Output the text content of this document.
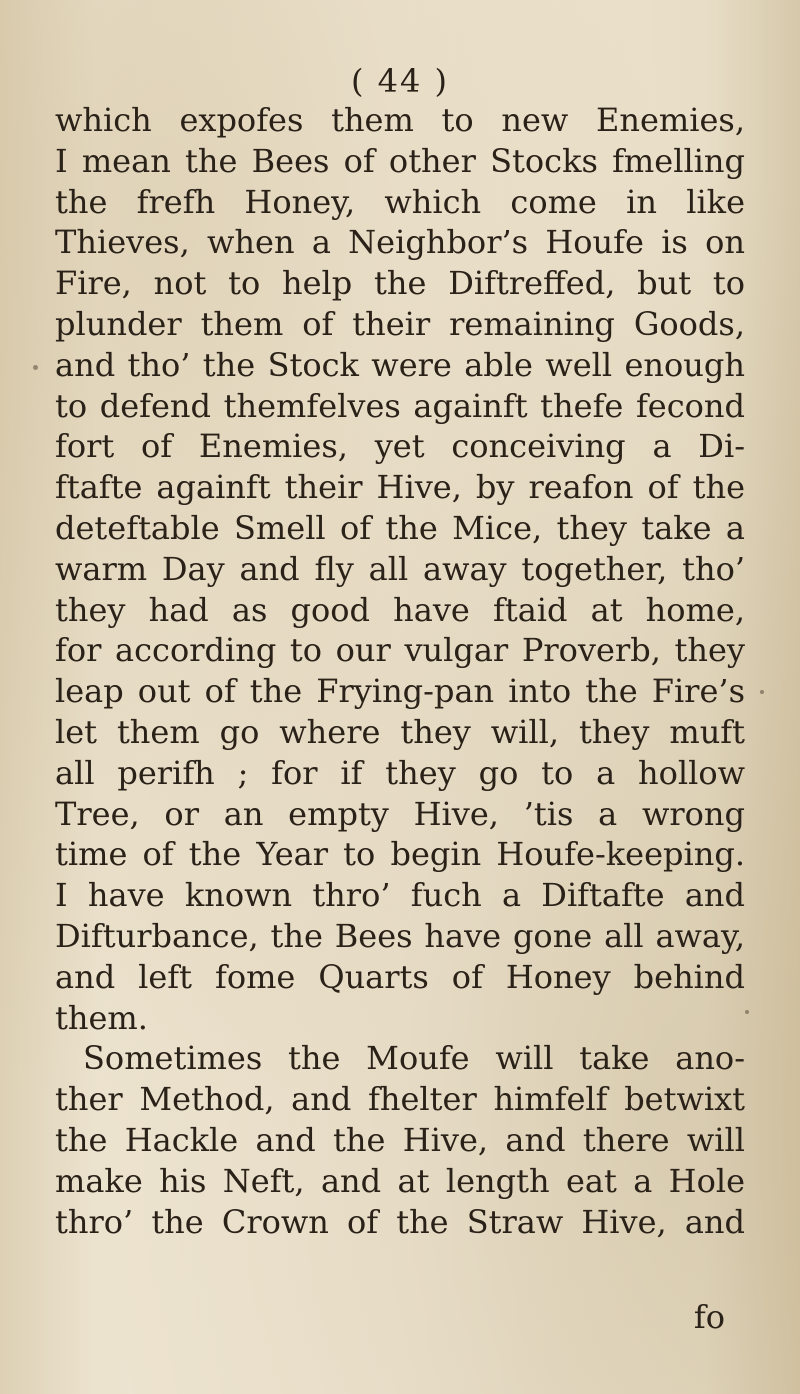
( 44 )
which expofes them to new Enemies,
I mean the Bees of other Stocks fmelling
the frefh Honey, which come in like
Thieves, when a Neighbor’s Houfe is on
Fire, not to help the Diftreffed, but to
plunder them of their remaining Goods,
and tho’ the Stock were able well enough
to defend themfelves againft thefe fecond
fort of Enemies, yet conceiving a Di-
ftafte againft their Hive, by reafon of the
deteftable Smell of the Mice, they take a
warm Day and fly all away together, tho’
they had as good have ftaid at home,
for according to our vulgar Proverb, they
leap out of the Frying-pan into the Fire’s
let them go where they will, they muft
all perifh ; for if they go to a hollow
Tree, or an empty Hive, ’tis a wrong
time of the Year to begin Houfe-keeping.
I have known thro’ fuch a Diftafte and
Difturbance, the Bees have gone all away,
and left fome Quarts of Honey behind
them.
Sometimes the Moufe will take ano-
ther Method, and fhelter himfelf betwixt
the Hackle and the Hive, and there will
make his Neft, and at length eat a Hole
thro’ the Crown of the Straw Hive, and
fo
